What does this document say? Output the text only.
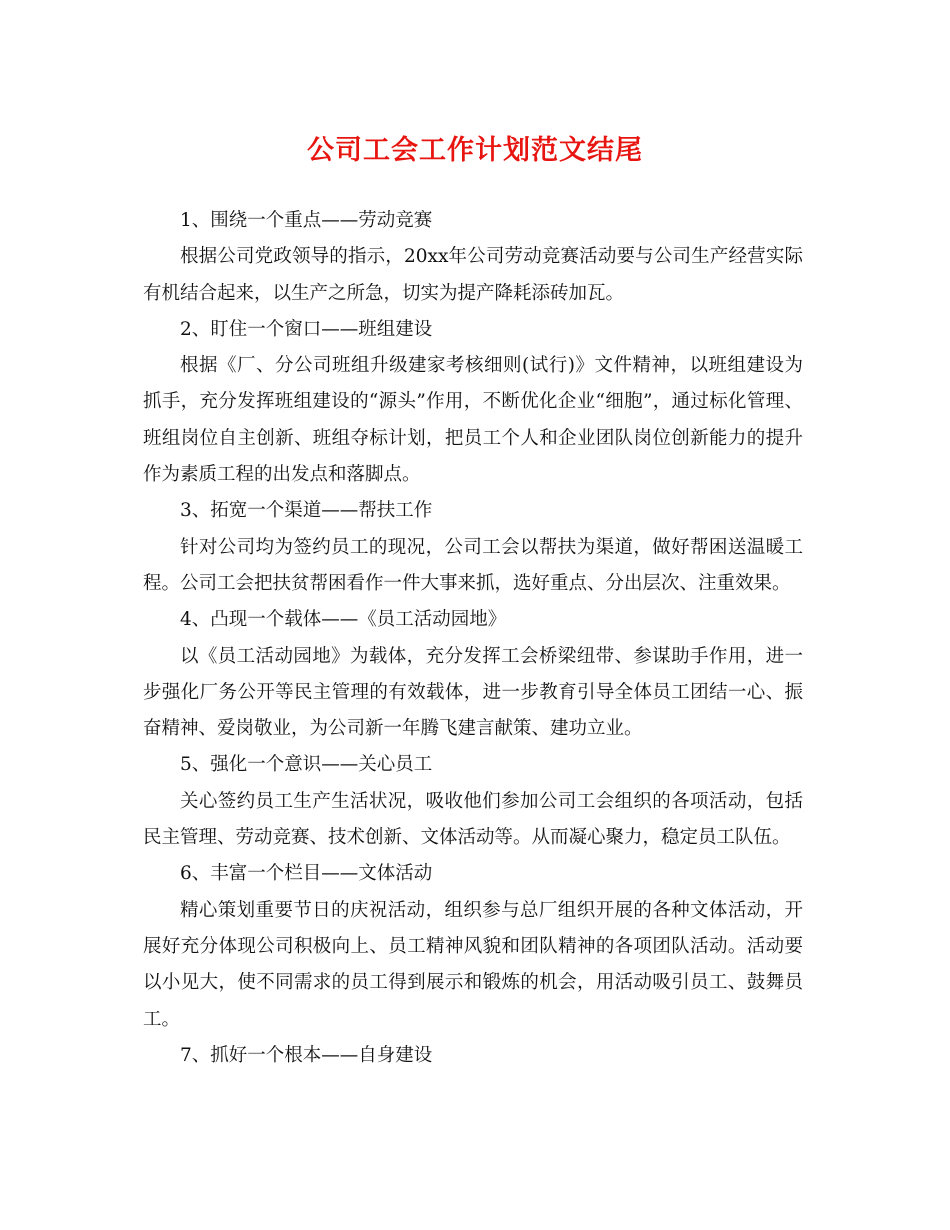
公司工会工作计划范文结尾

1、围绕一个重点——劳动竞赛

根据公司党政领导的指示，20xx年公司劳动竞赛活动要与公司生产经营实际有机结合起来，以生产之所急，切实为提产降耗添砖加瓦。

2、盯住一个窗口——班组建设

根据《厂、分公司班组升级建家考核细则(试行)》文件精神，以班组建设为抓手，充分发挥班组建设的“源头”作用，不断优化企业“细胞”，通过标化管理、班组岗位自主创新、班组夺标计划，把员工个人和企业团队岗位创新能力的提升作为素质工程的出发点和落脚点。

3、拓宽一个渠道——帮扶工作

针对公司均为签约员工的现况，公司工会以帮扶为渠道，做好帮困送温暖工程。公司工会把扶贫帮困看作一件大事来抓，选好重点、分出层次、注重效果。

4、凸现一个载体——《员工活动园地》

以《员工活动园地》为载体，充分发挥工会桥梁纽带、参谋助手作用，进一步强化厂务公开等民主管理的有效载体，进一步教育引导全体员工团结一心、振奋精神、爱岗敬业，为公司新一年腾飞建言献策、建功立业。

5、强化一个意识——关心员工

关心签约员工生产生活状况，吸收他们参加公司工会组织的各项活动，包括民主管理、劳动竞赛、技术创新、文体活动等。从而凝心聚力，稳定员工队伍。

6、丰富一个栏目——文体活动

精心策划重要节日的庆祝活动，组织参与总厂组织开展的各种文体活动，开展好充分体现公司积极向上、员工精神风貌和团队精神的各项团队活动。活动要以小见大，使不同需求的员工得到展示和锻炼的机会，用活动吸引员工、鼓舞员工。

7、抓好一个根本——自身建设
